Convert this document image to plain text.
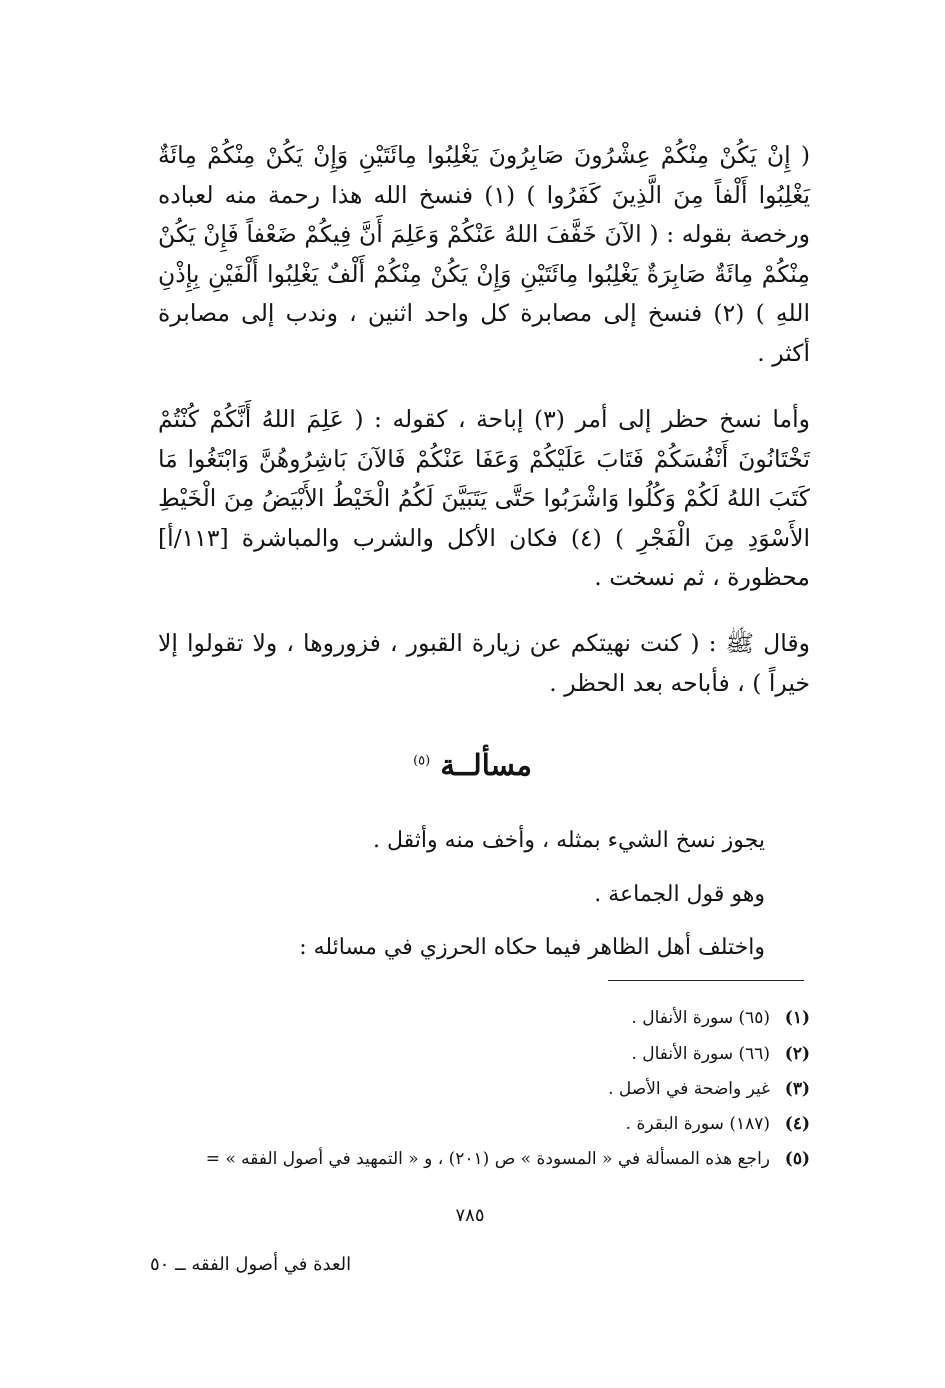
( إِنْ يَكُنْ مِنْكُمْ عِشْرُونَ صَابِرُونَ يَغْلِبُوا مِائَتَيْنِ وَإِنْ يَكُنْ مِنْكُمْ مِائَةٌ يَغْلِبُوا أَلْفاً مِنَ الَّذِينَ كَفَرُوا ) (١) فنسخ الله هذا رحمة منه لعباده ورخصة بقوله : ( الآنَ خَفَّفَ اللهُ عَنْكُمْ وَعَلِمَ أَنَّ فِيكُمْ ضَعْفاً فَإِنْ يَكُنْ مِنْكُمْ مِائَةٌ صَابِرَةٌ يَغْلِبُوا مِائَتَيْنِ وَإِنْ يَكُنْ مِنْكُمْ أَلْفٌ يَغْلِبُوا أَلْفَيْنِ بِإِذْنِ اللهِ ) (٢) فنسخ إلى مصابرة كل واحد اثنين ، وندب إلى مصابرة أكثر .

وأما نسخ حظر إلى أمر (٣) إباحة ، كقوله : ( عَلِمَ اللهُ أَنَّكُمْ كُنْتُمْ تَخْتَانُونَ أَنْفُسَكُمْ فَتَابَ عَلَيْكُمْ وَعَفَا عَنْكُمْ فَالآنَ بَاشِرُوهُنَّ وَابْتَغُوا مَا كَتَبَ اللهُ لَكُمْ وَكُلُوا وَاشْرَبُوا حَتَّى يَتَبَيَّنَ لَكُمُ الْخَيْطُ الأَبْيَضُ مِنَ الْخَيْطِ الأَسْوَدِ مِنَ الْفَجْرِ ) (٤) فكان الأكل والشرب والمباشرة [١١٣/أ] محظورة ، ثم نسخت .

وقال ﷺ : ( كنت نهيتكم عن زيارة القبور ، فزوروها ، ولا تقولوا إلا خيراً ) ، فأباحه بعد الحظر .

مسألــة $^{(٥)}$

يجوز نسخ الشيء بمثله ، وأخف منه وأثقل .

وهو قول الجماعة .

واختلف أهل الظاهر فيما حكاه الحرزي في مسائله :

(١)(٦٥) سورة الأنفال .

(٢)(٦٦) سورة الأنفال .

(٣)غير واضحة في الأصل .

(٤)(١٨٧) سورة البقرة .

(٥)راجع هذه المسألة في « المسودة » ص (٢٠١) ، و « التمهيد في أصول الفقه » =

٧٨٥
العدة في أصول الفقه ــ ٥٠
